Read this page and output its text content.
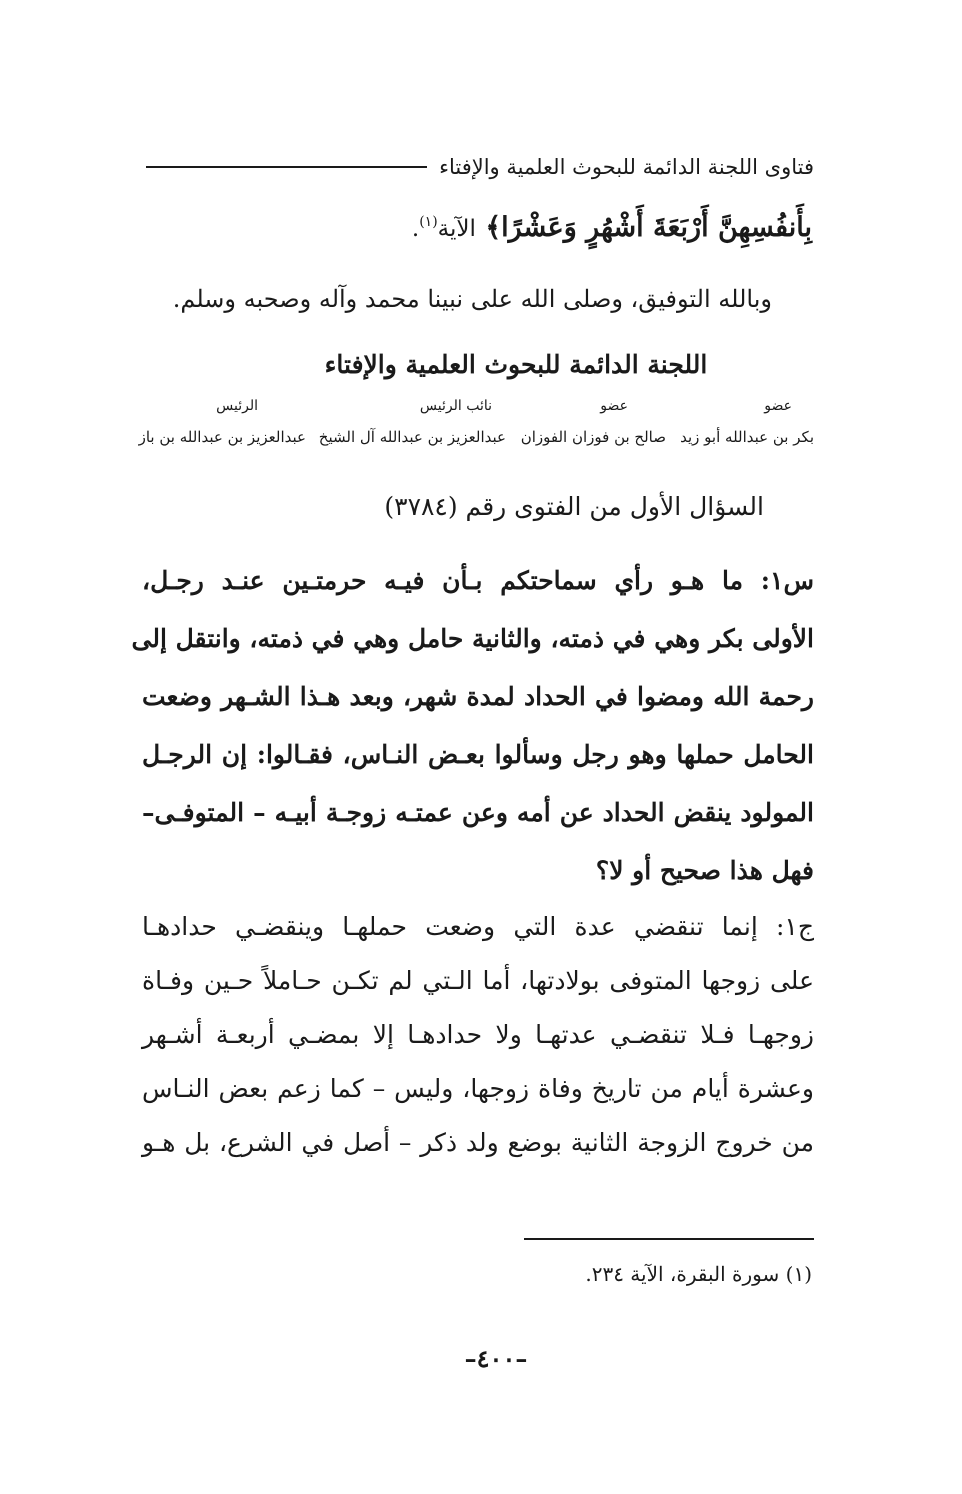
فتاوى اللجنة الدائمة للبحوث العلمية والإفتاء
بِأَنفُسِهِنَّ أَرْبَعَةَ أَشْهُرٍ وَعَشْرًا﴾ الآية$^{(١)}$.
وبالله التوفيق، وصلى الله على نبينا محمد وآله وصحبه وسلم.
اللجنة الدائمة للبحوث العلمية والإفتاء
عضو
عضو
نائب الرئيس
الرئيس
بكر بن عبدالله أبو زيد
صالح بن فوزان الفوزان
عبدالعزيز بن عبدالله آل الشيخ
عبدالعزيز بن عبدالله بن باز
السؤال الأول من الفتوى رقم (٣٧٨٤)
س١: ما هـو رأي سماحتكم بـأن فيـه حرمتـين عنـد رجـل،
الأولى بكر وهي في ذمته، والثانية حامل وهي في ذمته، وانتقل إلى
رحمة الله ومضوا في الحداد لمدة شهر، وبعد هـذا الشـهر وضعت
الحامل حملها وهو رجل وسألوا بعـض النـاس، فقـالوا: إن الرجـل
المولود ينقض الحداد عن أمه وعن عمتـه زوجـة أبيـه – المتوفـى–
فهل هذا صحيح أو لا؟
ج١: إنما تنقضي عدة التي وضعت حملهـا وينقضـي حدادهـا
على زوجها المتوفى بولادتها، أما الـتي لم تكـن حـاملاً حـين وفـاة
زوجهـا فـلا تنقضـي عدتهـا ولا حدادهـا إلا بمضـي أربعـة أشـهر
وعشرة أيام من تاريخ وفاة زوجها، وليس – كما زعم بعض النـاس
من خروج الزوجة الثانية بوضع ولد ذكر – أصل في الشرع، بل هـو
(١) سورة البقرة، الآية ٢٣٤.
–٤٠٠–
